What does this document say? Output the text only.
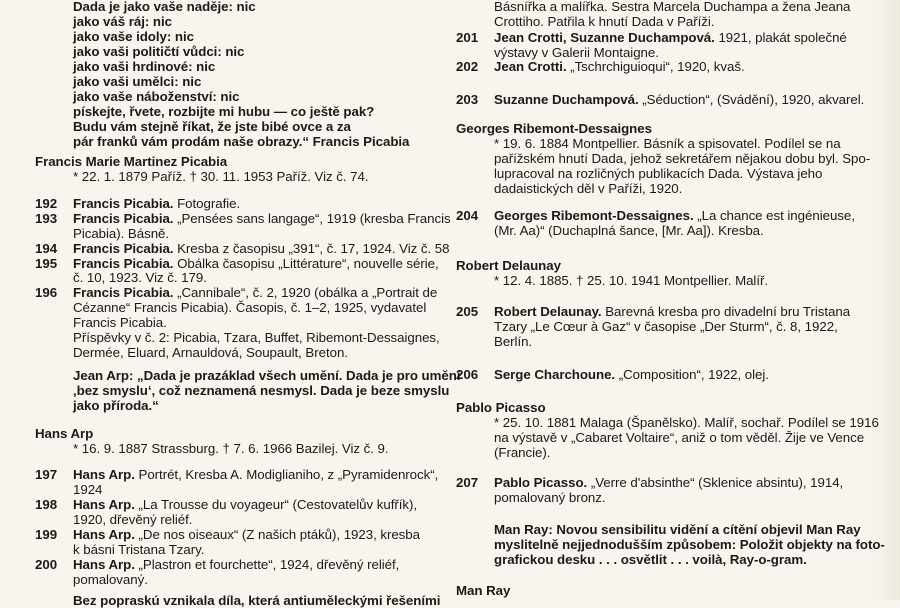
Dada je jako vaše naděje: nic
jako váš ráj: nic
jako vaše idoly: nic
jako vaši političtí vůdci: nic
jako vaši hrdinové: nic
jako vaši umělci: nic
jako vaše náboženství: nic
pískejte, řvete, rozbijte mi hubu — co ještě pak?
Budu vám stejně říkat, že jste bibé ovce a za
pár franků vám prodám naše obrazy.“ Francis Picabia
Francis Marie Martinez Picabia
* 22. 1. 1879 Paříž. † 30. 11. 1953 Paříž. Viz č. 74.
192 Francis Picabia. Fotografie.
193 Francis Picabia. „Pensées sans langage“, 1919 (kresba Francis
Picabia). Básně.
194 Francis Picabia. Kresba z časopisu „391“, č. 17, 1924. Viz č. 58
195 Francis Picabia. Obálka časopisu „Littérature“, nouvelle série,
č. 10, 1923. Viz č. 179.
196 Francis Picabia. „Cannibale“, č. 2, 1920 (obálka a „Portrait de
Cézanne“ Francis Picabia). Časopis, č. 1–2, 1925, vydavatel
Francis Picabia.
Příspěvky v č. 2: Picabia, Tzara, Buffet, Ribemont-Dessaignes,
Dermée, Eluard, Arnauldová, Soupault, Breton.
Jean Arp: „Dada je prazáklad všech umění. Dada je pro umění
‚bez smyslu‘, což neznamená nesmysl. Dada je beze smyslu
jako příroda.“
Hans Arp
* 16. 9. 1887 Strassburg. † 7. 6. 1966 Bazilej. Viz č. 9.
197 Hans Arp. Portrét, Kresba A. Modiglianiho, z „Pyramidenrock“,
1924
198 Hans Arp. „La Trousse du voyageur“ (Cestovatelův kufřík),
1920, dřevěný reliéf.
199 Hans Arp. „De nos oiseaux“ (Z našich ptáků), 1923, kresba
k básni Tristana Tzary.
200 Hans Arp. „Plastron et fourchette“, 1924, dřevěný reliéf,
pomalovaný.
Bez popraskú vznikala díla, která antiuměleckými řešeními
Básnířka a malířka. Sestra Marcela Duchampa a žena Jeana
Crottiho. Patřila k hnutí Dada v Paříži.
201 Jean Crotti, Suzanne Duchampová. 1921, plakát společné
výstavy v Galerii Montaigne.
202 Jean Crotti. „Tschrchiguioqui“, 1920, kvaš.
203 Suzanne Duchampová. „Séduction“, (Svádění), 1920, akvarel.
Georges Ribemont-Dessaignes
* 19. 6. 1884 Montpellier. Básník a spisovatel. Podílel se na
pařížském hnutí Dada, jehož sekretářem nějakou dobu byl. Spo-
lupracoval na rozličných publikacích Dada. Výstava jeho
dadaistických děl v Paříži, 1920.
204 Georges Ribemont-Dessaignes. „La chance est ingénieuse,
(Mr. Aa)“ (Duchaplná šance, [Mr. Aa]). Kresba.
Robert Delaunay
* 12. 4. 1885. † 25. 10. 1941 Montpellier. Malíř.
205 Robert Delaunay. Barevná kresba pro divadelní bru Tristana
Tzary „Le Cœur à Gaz“ v časopise „Der Sturm“, č. 8, 1922,
Berlín.
206 Serge Charchoune. „Composition“, 1922, olej.
Pablo Picasso
* 25. 10. 1881 Malaga (Španělsko). Malíř, sochař. Podílel se 1916
na výstavě v „Cabaret Voltaire“, aniž o tom věděl. Žije ve Vence
(Francie).
207 Pablo Picasso. „Verre d'absinthe“ (Sklenice absintu), 1914,
pomalovaný bronz.
Man Ray: Novou sensibilitu vidění a cítění objevil Man Ray
myslitelně nejjednodušším způsobem: Položit objekty na foto-
grafickou desku . . . osvětlit . . . voilà, Ray-o-gram.
Man Ray
